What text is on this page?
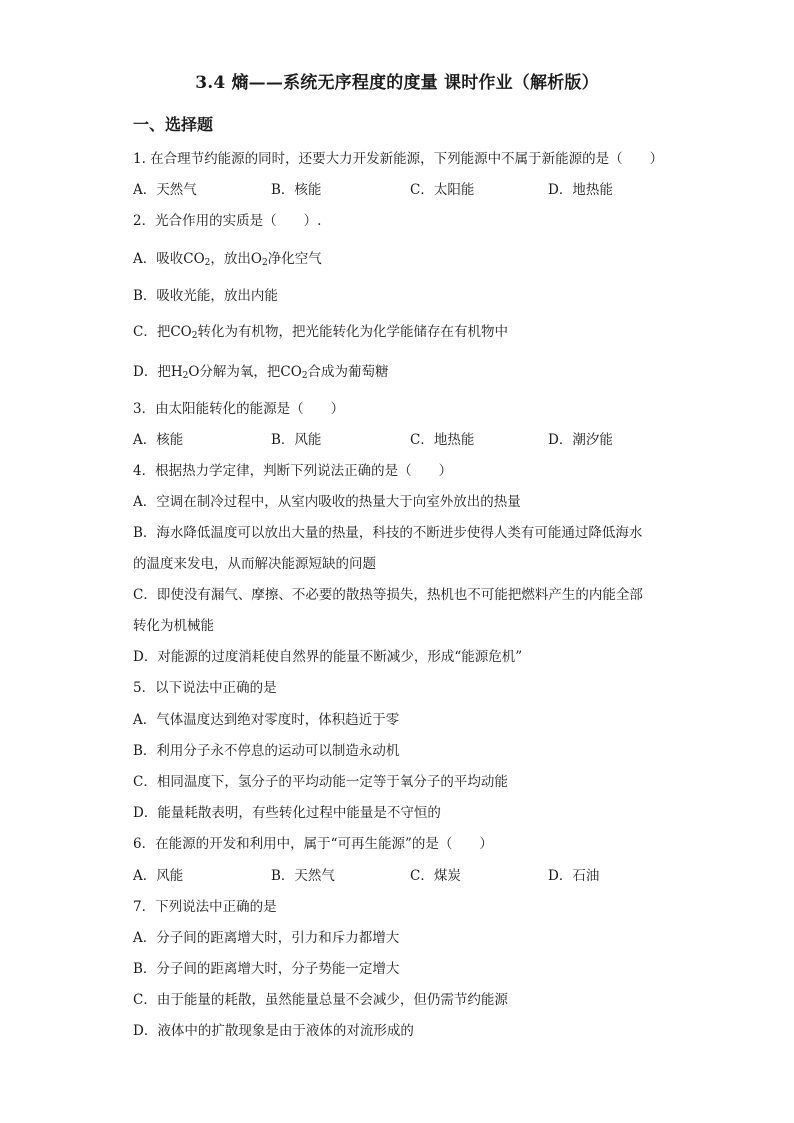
3.4 熵——系统无序程度的度量 课时作业（解析版）
一、选择题
1. 在合理节约能源的同时，还要大力开发新能源，下列能源中不属于新能源的是（　　）
A．天然气	B．核能	C．太阳能	D．地热能
2．光合作用的实质是（　　）.
A．吸收$CO_2$，放出$O_2$净化空气
B．吸收光能，放出内能
C．把$CO_2$转化为有机物，把光能转化为化学能储存在有机物中
D．把$H_2O$分解为氧，把$CO_2$合成为葡萄糖
3．由太阳能转化的能源是（　　）
A．核能	B．风能	C．地热能	D．潮汐能
4．根据热力学定律，判断下列说法正确的是（　　）
A．空调在制冷过程中，从室内吸收的热量大于向室外放出的热量
B．海水降低温度可以放出大量的热量，科技的不断进步使得人类有可能通过降低海水
的温度来发电，从而解决能源短缺的问题
C．即使没有漏气、摩擦、不必要的散热等损失，热机也不可能把燃料产生的内能全部
转化为机械能
D．对能源的过度消耗使自然界的能量不断减少，形成“能源危机”
5．以下说法中正确的是
A．气体温度达到绝对零度时，体积趋近于零
B．利用分子永不停息的运动可以制造永动机
C．相同温度下，氢分子的平均动能一定等于氧分子的平均动能
D．能量耗散表明，有些转化过程中能量是不守恒的
6．在能源的开发和利用中，属于“可再生能源”的是（　　）
A．风能	B．天然气	C．煤炭	D．石油
7．下列说法中正确的是
A．分子间的距离增大时，引力和斥力都增大
B．分子间的距离增大时，分子势能一定增大
C．由于能量的耗散，虽然能量总量不会减少，但仍需节约能源
D．液体中的扩散现象是由于液体的对流形成的
